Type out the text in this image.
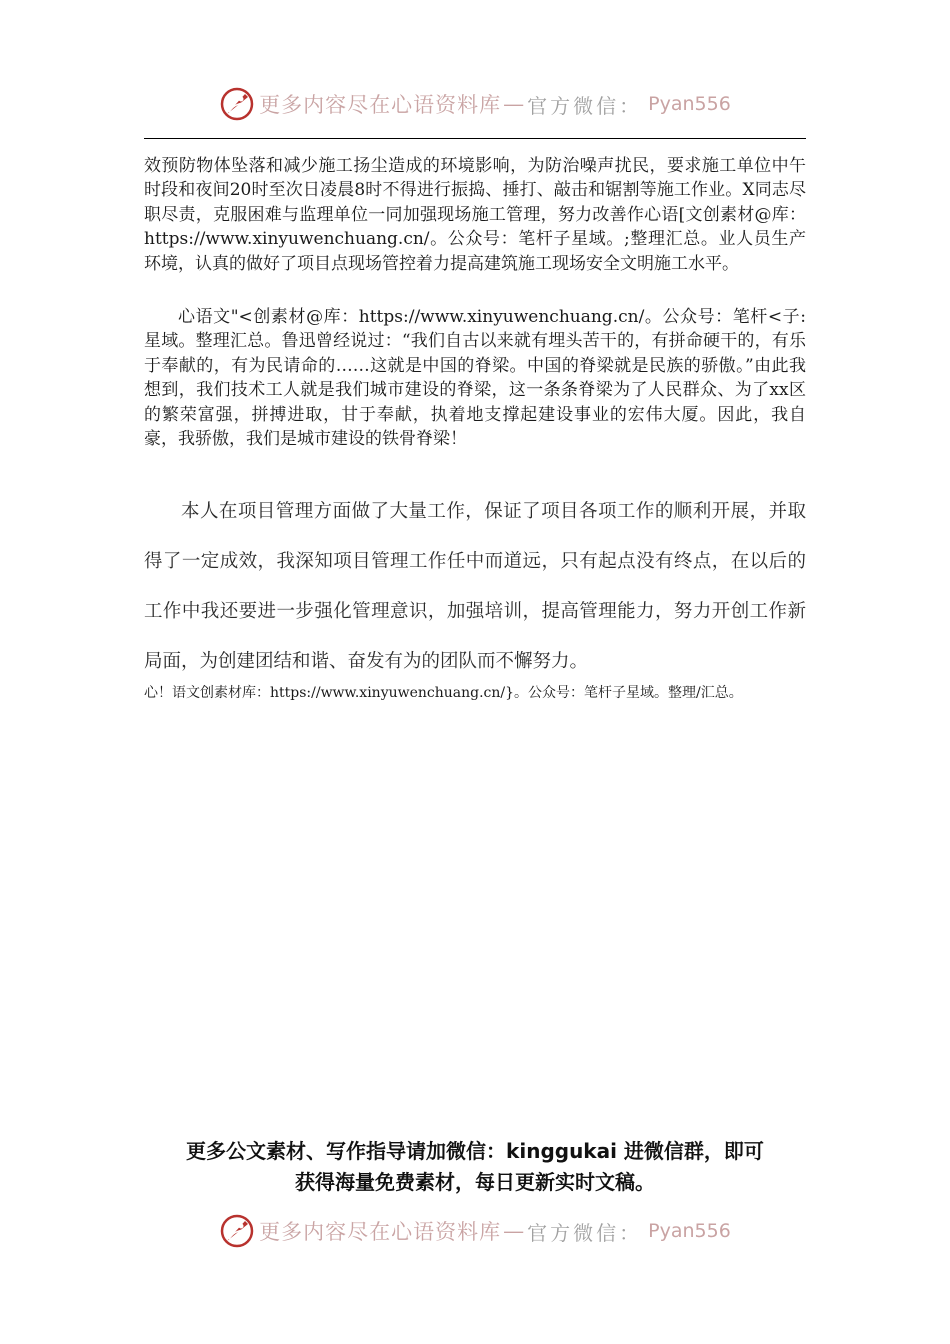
更多内容尽在心语资料库 — 官方微信： Pyan556
效预防物体坠落和减少施工扬尘造成的环境影响，为防治噪声扰民，要求施工单位中午时段和夜间20时至次日凌晨8时不得进行振捣、捶打、敲击和锯割等施工作业。X同志尽职尽责，克服困难与监理单位一同加强现场施工管理，努力改善作心语[文创素材@库：https://www.xinyuwenchuang.cn/。公众号：笔杆子星域。;整理汇总。业人员生产环境，认真的做好了项目点现场管控着力提高建筑施工现场安全文明施工水平。
心语文"<创素材@库：https://www.xinyuwenchuang.cn/。公众号：笔杆<子:星域。整理汇总。鲁迅曾经说过：“我们自古以来就有埋头苦干的，有拼命硬干的，有乐于奉献的，有为民请命的……这就是中国的脊梁。中国的脊梁就是民族的骄傲。”由此我想到，我们技术工人就是我们城市建设的脊梁，这一条条脊梁为了人民群众、为了xx区的繁荣富强，拼搏进取，甘于奉献，执着地支撑起建设事业的宏伟大厦。因此，我自豪，我骄傲，我们是城市建设的铁骨脊梁！
本人在项目管理方面做了大量工作，保证了项目各项工作的顺利开展，并取得了一定成效，我深知项目管理工作任中而道远，只有起点没有终点，在以后的工作中我还要进一步强化管理意识，加强培训，提高管理能力，努力开创工作新局面，为创建团结和谐、奋发有为的团队而不懈努力。
心！语文创素材库：https://www.xinyuwenchuang.cn/}。公众号：笔杆子星域。整理/汇总。
更多公文素材、写作指导请加微信：kinggukai 进微信群，即可
获得海量免费素材，每日更新实时文稿。
更多内容尽在心语资料库 — 官方微信： Pyan556
